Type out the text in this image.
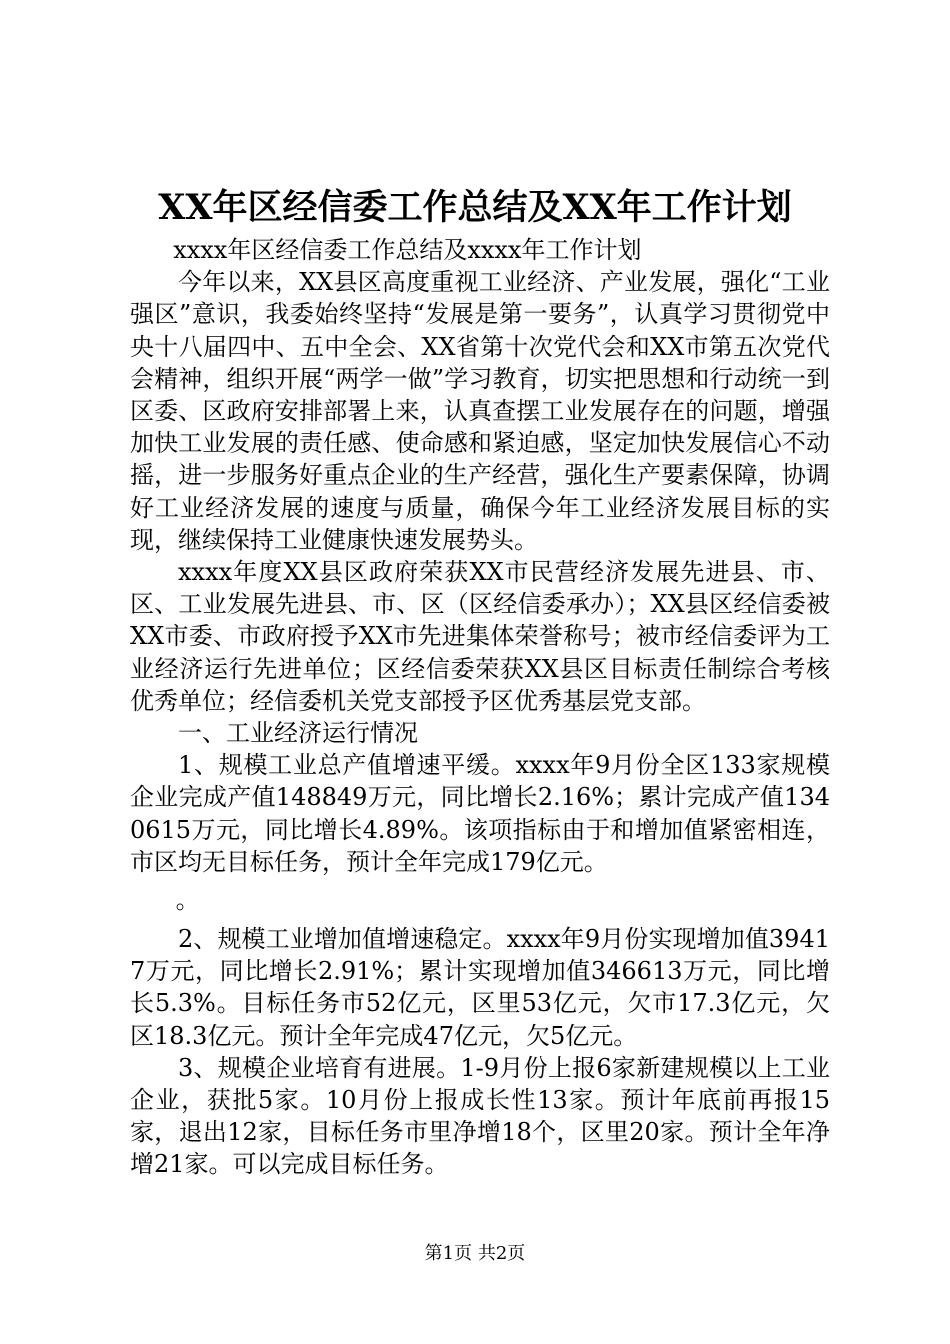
XX年区经信委工作总结及XX年工作计划

xxxx年区经信委工作总结及xxxx年工作计划

今年以来，XX县区高度重视工业经济、产业发展，强化“工业强区”意识，我委始终坚持“发展是第一要务”，认真学习贯彻党中央十八届四中、五中全会、XX省第十次党代会和XX市第五次党代会精神，组织开展“两学一做”学习教育，切实把思想和行动统一到区委、区政府安排部署上来，认真查摆工业发展存在的问题，增强加快工业发展的责任感、使命感和紧迫感，坚定加快发展信心不动摇，进一步服务好重点企业的生产经营，强化生产要素保障，协调好工业经济发展的速度与质量，确保今年工业经济发展目标的实现，继续保持工业健康快速发展势头。

xxxx年度XX县区政府荣获XX市民营经济发展先进县、市、区、工业发展先进县、市、区（区经信委承办）；XX县区经信委被XX市委、市政府授予XX市先进集体荣誉称号；被市经信委评为工业经济运行先进单位；区经信委荣获XX县区目标责任制综合考核优秀单位；经信委机关党支部授予区优秀基层党支部。

一、工业经济运行情况

1、规模工业总产值增速平缓。xxxx年9月份全区133家规模企业完成产值148849万元，同比增长2.16%；累计完成产值1340615万元，同比增长4.89%。该项指标由于和增加值紧密相连，市区均无目标任务，预计全年完成179亿元。

。

2、规模工业增加值增速稳定。xxxx年9月份实现增加值39417万元，同比增长2.91%；累计实现增加值346613万元，同比增长5.3%。目标任务市52亿元，区里53亿元，欠市17.3亿元，欠区18.3亿元。预计全年完成47亿元，欠5亿元。

3、规模企业培育有进展。1-9月份上报6家新建规模以上工业企业，获批5家。10月份上报成长性13家。预计年底前再报15家，退出12家，目标任务市里净增18个，区里20家。预计全年净增21家。可以完成目标任务。

第1页 共2页
